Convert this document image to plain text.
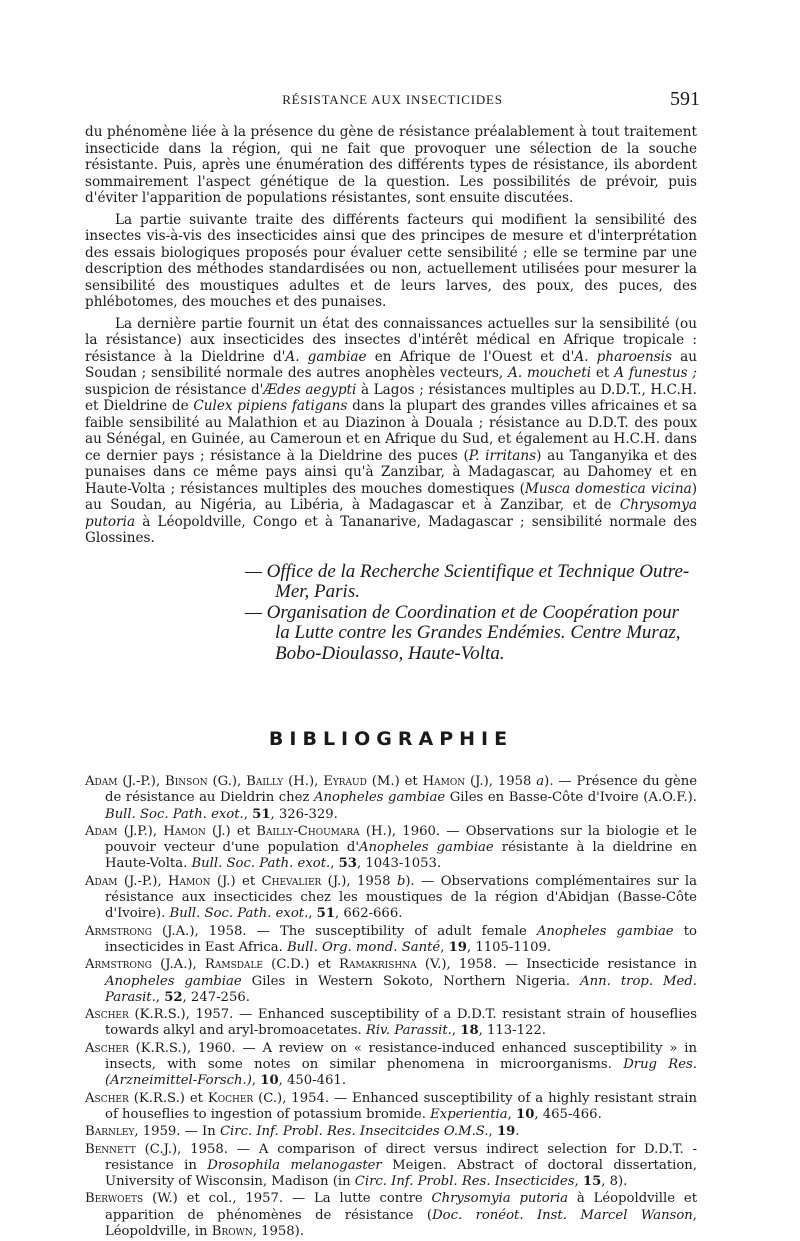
RÉSISTANCE AUX INSECTICIDES	591

du phénomène liée à la présence du gène de résistance préalablement à tout traitement insecticide dans la région, qui ne fait que provoquer une sélection de la souche résistante. Puis, après une énumération des différents types de résistance, ils abordent sommairement l'aspect génétique de la question. Les possibilités de prévoir, puis d'éviter l'apparition de populations résistantes, sont ensuite discutées.

La partie suivante traite des différents facteurs qui modifient la sensibilité des insectes vis-à-vis des insecticides ainsi que des principes de mesure et d'interprétation des essais biologiques proposés pour évaluer cette sensibilité ; elle se termine par une description des méthodes standardisées ou non, actuellement utilisées pour mesurer la sensibilité des moustiques adultes et de leurs larves, des poux, des puces, des phlébotomes, des mouches et des punaises.

La dernière partie fournit un état des connaissances actuelles sur la sensibilité (ou la résistance) aux insecticides des insectes d'intérêt médical en Afrique tropicale : résistance à la Dieldrine d'A. gambiae en Afrique de l'Ouest et d'A. pharoensis au Soudan ; sensibilité normale des autres anophèles vecteurs, A. moucheti et A funestus ; suspicion de résistance d'Ædes aegypti à Lagos ; résistances multiples au D.D.T., H.C.H. et Dieldrine de Culex pipiens fatigans dans la plupart des grandes villes africaines et sa faible sensibilité au Malathion et au Diazinon à Douala ; résistance au D.D.T. des poux au Sénégal, en Guinée, au Cameroun et en Afrique du Sud, et également au H.C.H. dans ce dernier pays ; résistance à la Dieldrine des puces (P. irritans) au Tanganyika et des punaises dans ce même pays ainsi qu'à Zanzibar, à Madagascar, au Dahomey et en Haute-Volta ; résistances multiples des mouches domestiques (Musca domestica vicina) au Soudan, au Nigéria, au Libéria, à Madagascar et à Zanzibar, et de Chrysomya putoria à Léopoldville, Congo et à Tananarive, Madagascar ; sensibilité normale des Glossines.

— Office de la Recherche Scientifique et Technique Outre-Mer, Paris.
— Organisation de Coordination et de Coopération pour la Lutte contre les Grandes Endémies. Centre Muraz, Bobo-Dioulasso, Haute-Volta.
BIBLIOGRAPHIE

Adam (J.-P.), Binson (G.), Bailly (H.), Eyraud (M.) et Hamon (J.), 1958 a). — Présence du gène de résistance au Dieldrin chez Anopheles gambiae Giles en Basse-Côte d'Ivoire (A.O.F.). Bull. Soc. Path. exot., 51, 326-329.

Adam (J.P.), Hamon (J.) et Bailly-Choumara (H.), 1960. — Observations sur la biologie et le pouvoir vecteur d'une population d'Anopheles gambiae résistante à la dieldrine en Haute-Volta. Bull. Soc. Path. exot., 53, 1043-1053.

Adam (J.-P.), Hamon (J.) et Chevalier (J.), 1958 b). — Observations complémentaires sur la résistance aux insecticides chez les moustiques de la région d'Abidjan (Basse-Côte d'Ivoire). Bull. Soc. Path. exot., 51, 662-666.

Armstrong (J.A.), 1958. — The susceptibility of adult female Anopheles gambiae to insecticides in East Africa. Bull. Org. mond. Santé, 19, 1105-1109.

Armstrong (J.A.), Ramsdale (C.D.) et Ramakrishna (V.), 1958. — Insecticide resistance in Anopheles gambiae Giles in Western Sokoto, Northern Nigeria. Ann. trop. Med. Parasit., 52, 247-256.

Ascher (K.R.S.), 1957. — Enhanced susceptibility of a D.D.T. resistant strain of houseflies towards alkyl and aryl-bromoacetates. Riv. Parassit., 18, 113-122.

Ascher (K.R.S.), 1960. — A review on « resistance-induced enhanced susceptibility » in insects, with some notes on similar phenomena in microorganisms. Drug Res. (Arzneimittel-Forsch.), 10, 450-461.

Ascher (K.R.S.) et Kocher (C.), 1954. — Enhanced susceptibility of a highly resistant strain of houseflies to ingestion of potassium bromide. Experientia, 10, 465-466.

Barnley, 1959. — In Circ. Inf. Probl. Res. Insecitcides O.M.S., 19.

Bennett (C.J.), 1958. — A comparison of direct versus indirect selection for D.D.T. - resistance in Drosophila melanogaster Meigen. Abstract of doctoral dissertation, University of Wisconsin, Madison (in Circ. Inf. Probl. Res. Insecticides, 15, 8).

Berwoets (W.) et col., 1957. — La lutte contre Chrysomyia putoria à Léopoldville et apparition de phénomènes de résistance (Doc. ronéot. Inst. Marcel Wanson, Léopoldville, in Brown, 1958).
